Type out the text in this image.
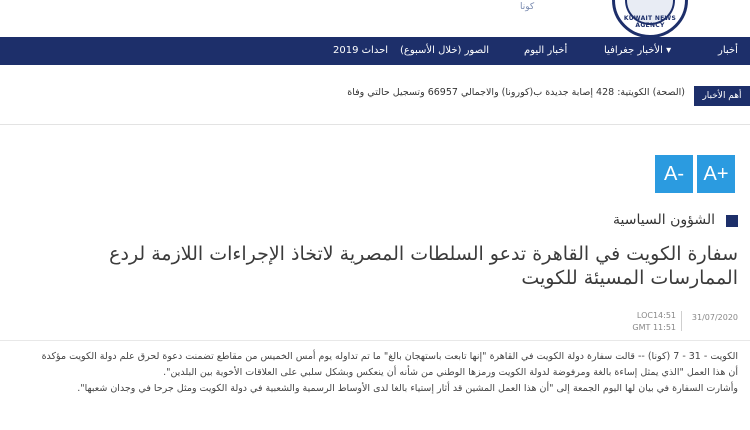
كونا
KUWAIT NEWS AGENCY
أخبار
الأخبار جغرافيا ▾
أخبار اليوم
الصور (خلال الأسبوع)
احداث 2019
أهم الأخبار
(الصحة) الكويتية: 428 إصابة جديدة ب(كورونا) والاجمالي 66957 وتسجيل حالتي وفاة
A+
A-
الشؤون السياسية
سفارة الكويت في القاهرة تدعو السلطات المصرية لاتخاذ الإجراءات اللازمة لردع الممارسات المسيئة للكويت
31/07/2020
LOC14:51
GMT 11:51

الكويت - 31 - 7 (كونا) -- قالت سفارة دولة الكويت في القاهرة "إنها تابعت باستهجان بالغ" ما تم تداوله يوم أمس الخميس من مقاطع تضمنت دعوة لحرق علم دولة الكويت مؤكدة

أن هذا العمل "الذي يمثل إساءة بالغة ومرفوضة لدولة الكويت ورمزها الوطني من شأنه أن ينعكس وبشكل سلبي على العلاقات الأخوية بين البلدين".

وأشارت السفارة في بيان لها اليوم الجمعة إلى "أن هذا العمل المشين قد أثار إستياء بالغا لدى الأوساط الرسمية والشعبية في دولة الكويت ومثل جرحا في وجدان شعبها".
